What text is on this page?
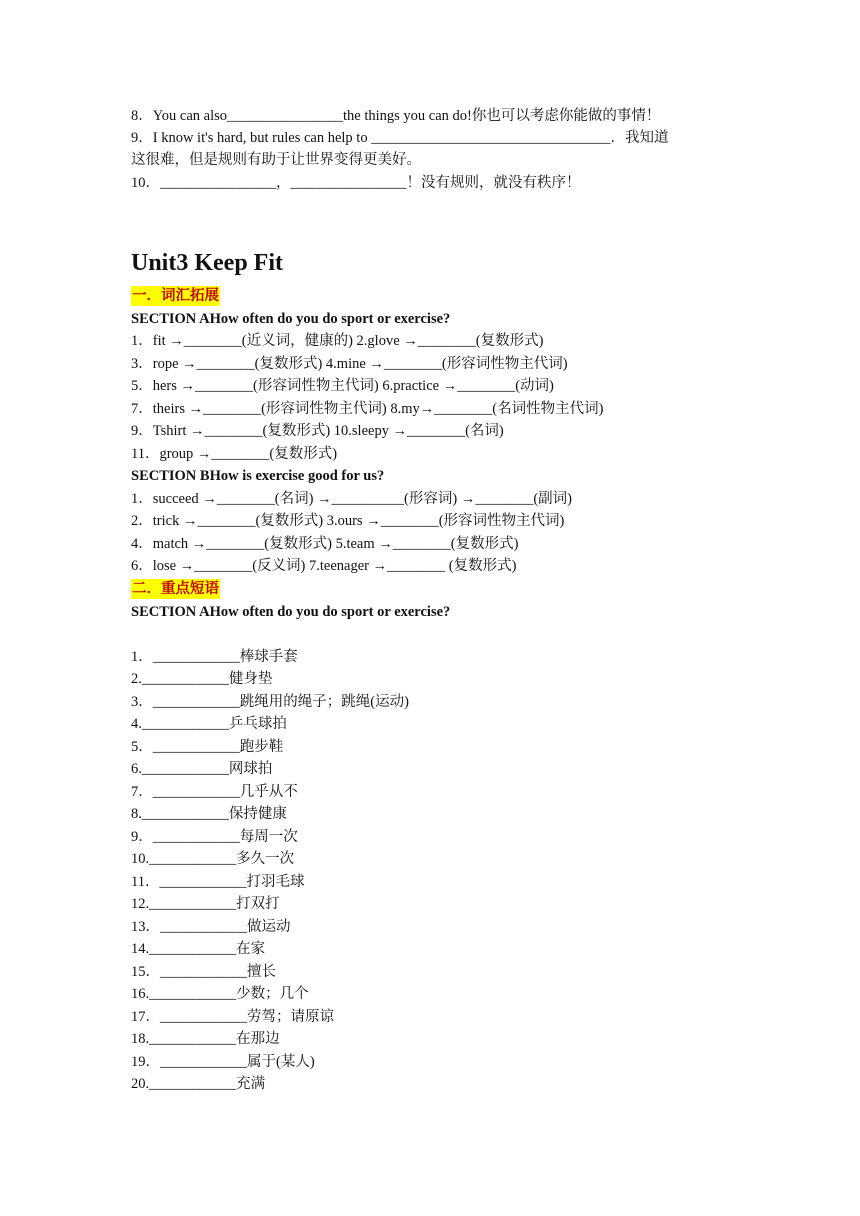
8．You can also________________the things you can do!你也可以考虑你能做的事情！
9．I know it's hard, but rules can help to _________________________________．我知道
这很难，但是规则有助于让世界变得更美好。
10．________________，________________！没有规则，就没有秩序！
Unit3 Keep Fit
一．词汇拓展
SECTION AHow often do you do sport or exercise?
1．fit →________(近义词，健康的) 2.glove →________(复数形式)
3．rope →________(复数形式) 4.mine →________(形容词性物主代词)
5．hers →________(形容词性物主代词) 6.practice →________(动词)
7．theirs →________(形容词性物主代词) 8.my→________(名词性物主代词)
9．Tshirt →________(复数形式) 10.sleepy →________(名词)
11．group →________(复数形式)
SECTION BHow is exercise good for us?
1．succeed →________(名词) →__________(形容词) →________(副词)
2．trick →________(复数形式) 3.ours →________(形容词性物主代词)
4．match →________(复数形式) 5.team →________(复数形式)
6．lose →________(反义词) 7.teenager →________ (复数形式)
二．重点短语
SECTION AHow often do you do sport or exercise?
1．____________棒球手套
2.____________健身垫
3．____________跳绳用的绳子；跳绳(运动)
4.____________乒乓球拍
5．____________跑步鞋
6.____________网球拍
7．____________几乎从不
8.____________保持健康
9．____________每周一次
10.____________多久一次
11．____________打羽毛球
12.____________打双打
13．____________做运动
14.____________在家
15．____________擅长
16.____________少数；几个
17．____________劳驾；请原谅
18.____________在那边
19．____________属于(某人)
20.____________充满
